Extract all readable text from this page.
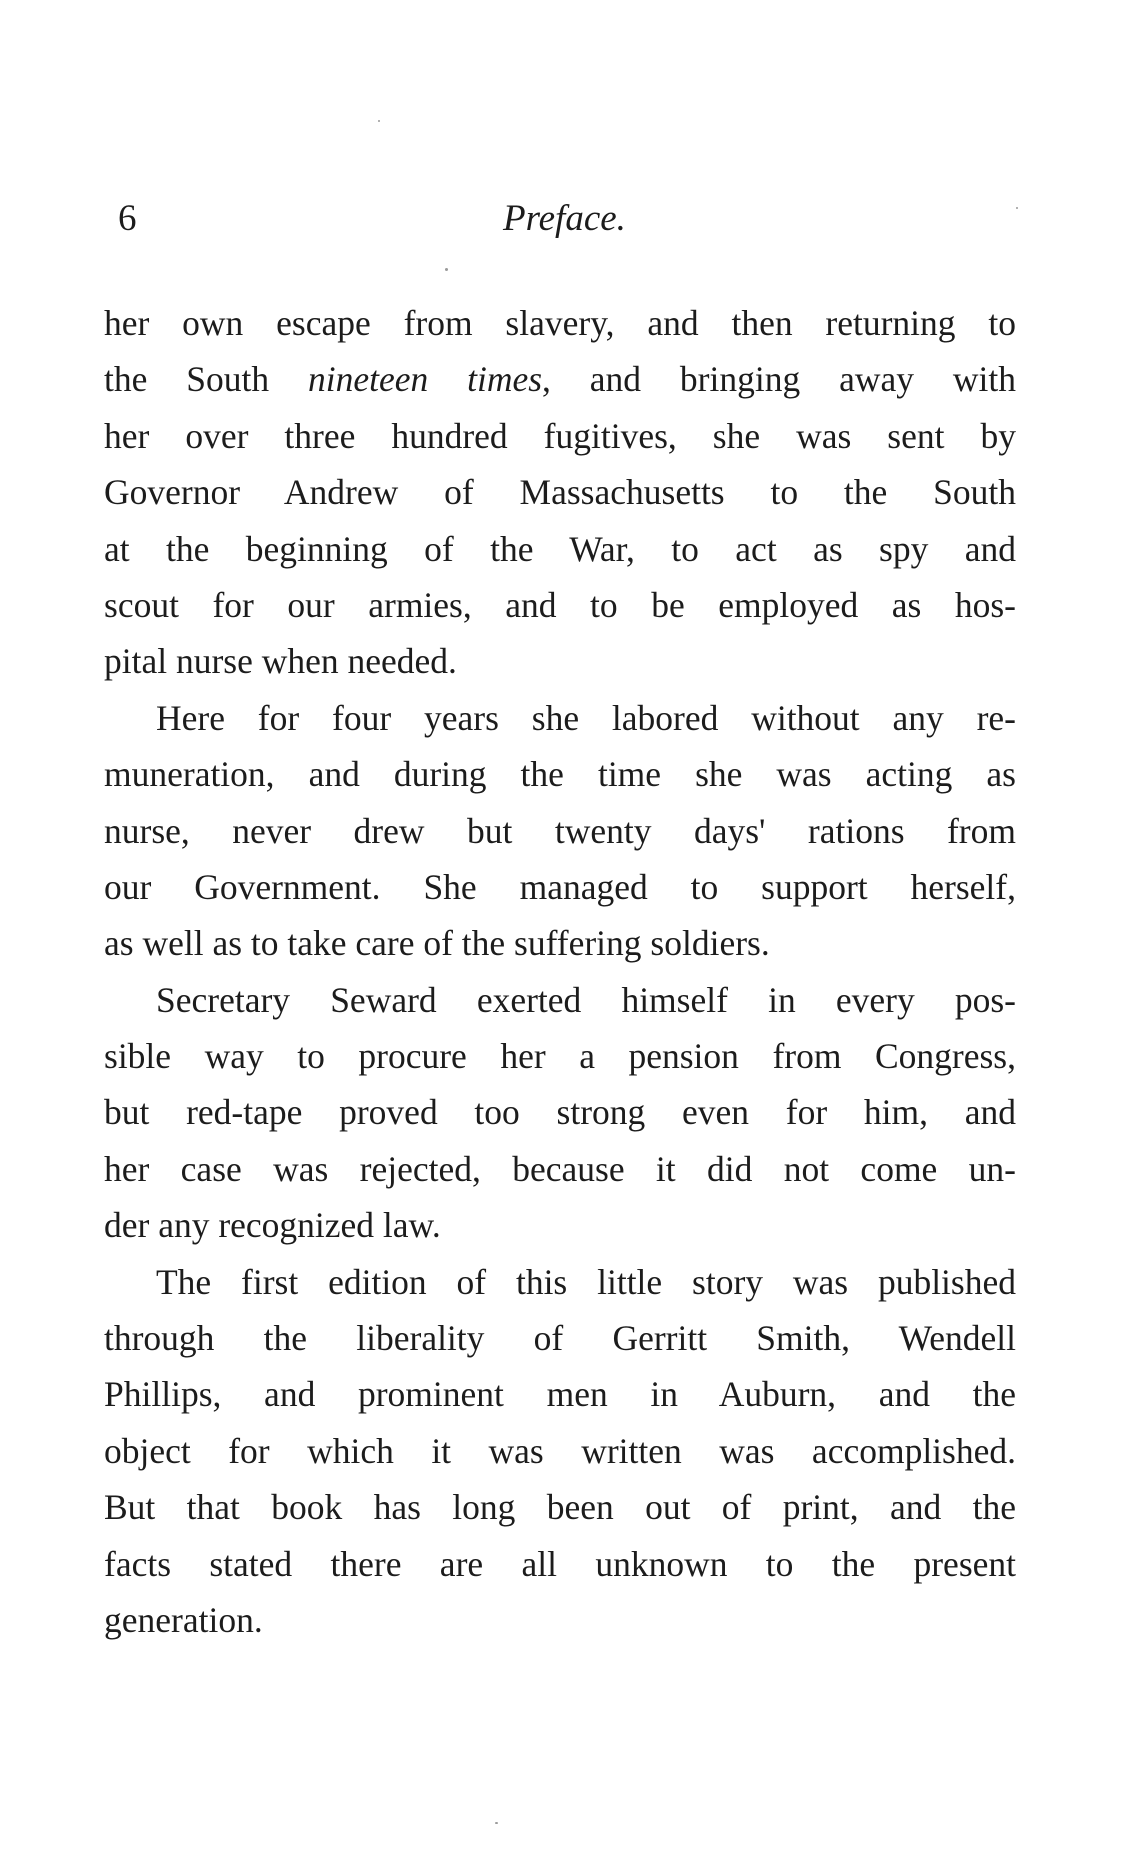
6	Preface.
her own escape from slavery, and then returning to
the South nineteen times, and bringing away with
her over three hundred fugitives, she was sent by
Governor Andrew of Massachusetts to the South
at the beginning of the War, to act as spy and
scout for our armies, and to be employed as hos-
pital nurse when needed.
Here for four years she labored without any re-
muneration, and during the time she was acting as
nurse, never drew but twenty days' rations from
our Government. She managed to support herself,
as well as to take care of the suffering soldiers.
Secretary Seward exerted himself in every pos-
sible way to procure her a pension from Congress,
but red-tape proved too strong even for him, and
her case was rejected, because it did not come un-
der any recognized law.
The first edition of this little story was published
through the liberality of Gerritt Smith, Wendell
Phillips, and prominent men in Auburn, and the
object for which it was written was accomplished.
But that book has long been out of print, and the
facts stated there are all unknown to the present
generation.
